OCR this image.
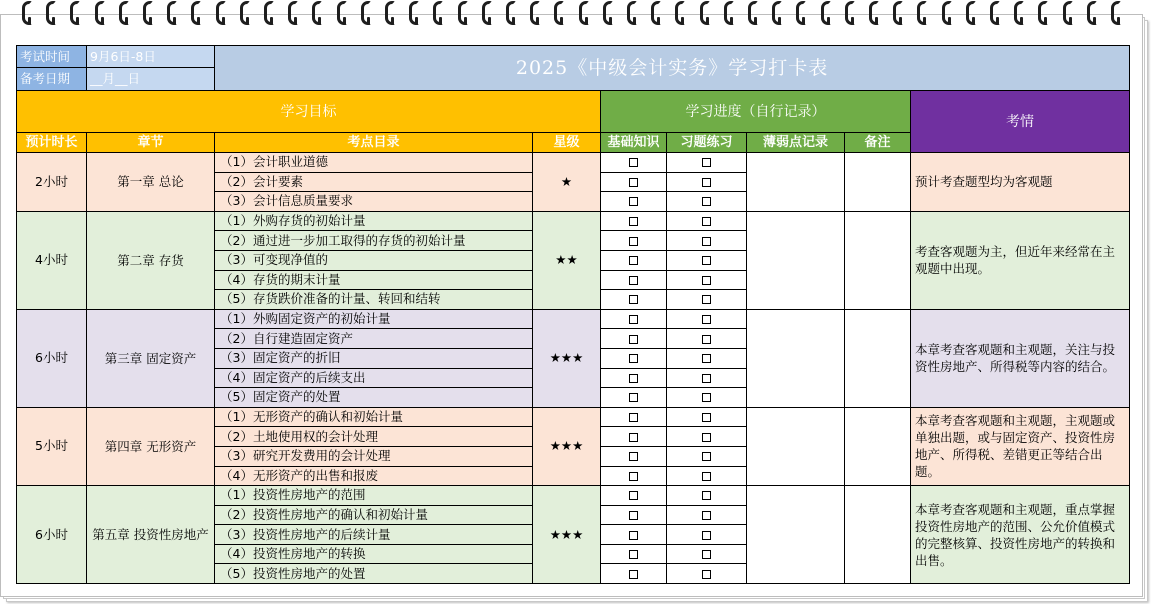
考试时间	9月6日-8日	2025《中级会计实务》学习打卡表						
备考日期	__月__日							
学习目标				学习进度（自行记录）				考情
预计时长	章节	考点目录	星级	基础知识	习题练习	薄弱点记录	备注	
2小时	第一章 总论	（1）会计职业道德	★					预计考查题型均为客观题
		（2）会计要素						
		（3）会计信息质量要求						
4小时	第二章 存货	（1）外购存货的初始计量	★★					考查客观题为主，但近年来经常在主观题中出现。
		（2）通过进一步加工取得的存货的初始计量						
		（3）可变现净值的						
		（4）存货的期末计量						
		（5）存货跌价准备的计量、转回和结转						
6小时	第三章 固定资产	（1）外购固定资产的初始计量	★★★					本章考查客观题和主观题，关注与投资性房地产、所得税等内容的结合。
		（2）自行建造固定资产						
		（3）固定资产的折旧						
		（4）固定资产的后续支出						
		（5）固定资产的处置						
5小时	第四章 无形资产	（1）无形资产的确认和初始计量	★★★					本章考查客观题和主观题，主观题或单独出题，或与固定资产、投资性房地产、所得税、差错更正等结合出题。
		（2）土地使用权的会计处理						
		（3）研究开发费用的会计处理						
		（4）无形资产的出售和报废						
6小时	第五章 投资性房地产	（1）投资性房地产的范围	★★★					本章考查客观题和主观题，重点掌握投资性房地产的范围、公允价值模式的完整核算、投资性房地产的转换和出售。
		（2）投资性房地产的确认和初始计量						
		（3）投资性房地产的后续计量						
		（4）投资性房地产的转换						
		（5）投资性房地产的处置						
